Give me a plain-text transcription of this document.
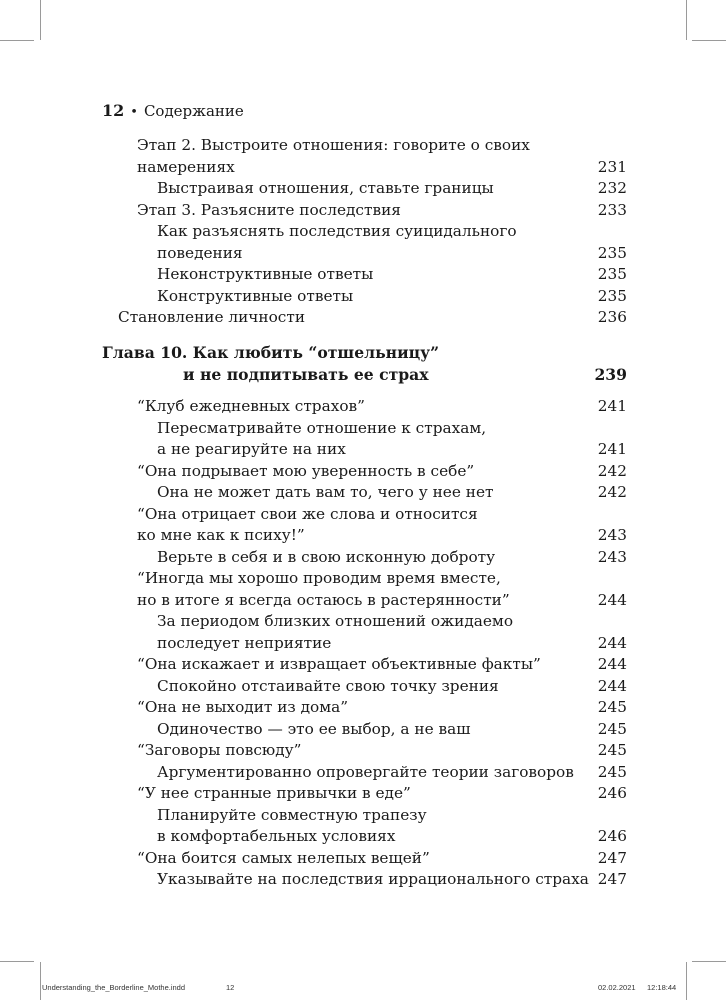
12 • Содержание
Этап 2. Выстроите отношения: говорите о своих
намерениях	231
Выстраивая отношения, ставьте границы	232
Этап 3. Разъясните последствия	233
Как разъяснять последствия суицидального
поведения	235
Неконструктивные ответы	235
Конструктивные ответы	235
Становление личности	236
Глава 10. Как любить “отшельницу”
и не подпитывать ее страх	239
“Клуб ежедневных страхов”	241
Пересматривайте отношение к страхам,
а не реагируйте на них	241
“Она подрывает мою уверенность в себе”	242
Она не может дать вам то, чего у нее нет	242
“Она отрицает свои же слова и относится
ко мне как к психу!”	243
Верьте в себя и в свою исконную доброту	243
“Иногда мы хорошо проводим время вместе,
но в итоге я всегда остаюсь в растерянности”	244
За периодом близких отношений ожидаемо
последует неприятие	244
“Она искажает и извращает объективные факты”	244
Спокойно отстаивайте свою точку зрения	244
“Она не выходит из дома”	245
Одиночество — это ее выбор, а не ваш	245
“Заговоры повсюду”	245
Аргументированно опровергайте теории заговоров 245
“У нее странные привычки в еде”	246
Планируйте совместную трапезу
в комфортабельных условиях	246
“Она боится самых нелепых вещей”	247
Указывайте на последствия иррационального страха 247
Understanding_the_Borderline_Mothe.indd	12	02.02.2021 12:18:44
